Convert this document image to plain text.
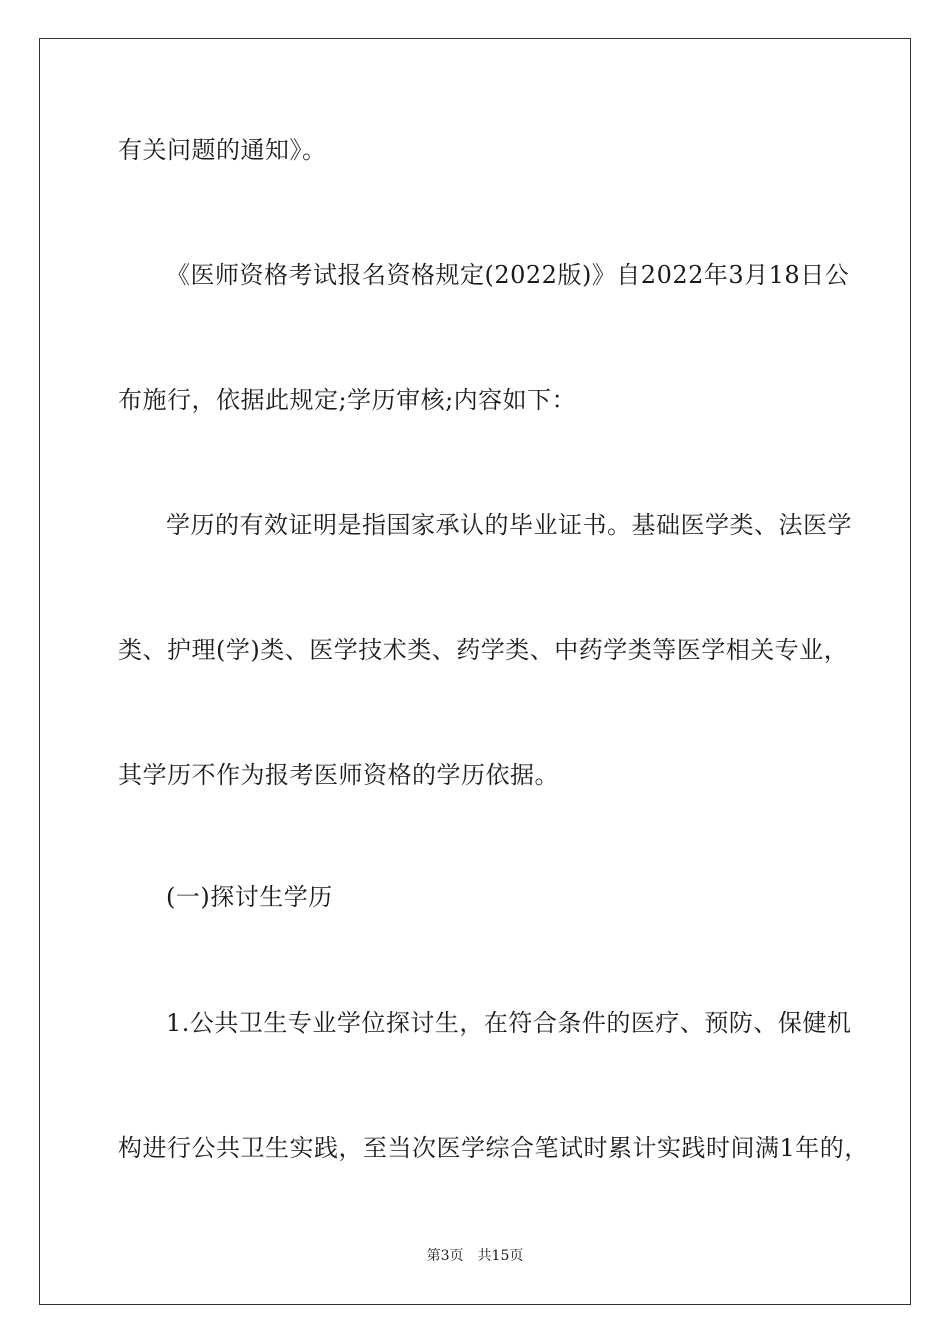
有关问题的通知》。
《医师资格考试报名资格规定(2022版)》自2022年3月18日公
布施行，依据此规定;学历审核;内容如下：
学历的有效证明是指国家承认的毕业证书。基础医学类、法医学
类、护理(学)类、医学技术类、药学类、中药学类等医学相关专业，
其学历不作为报考医师资格的学历依据。
(一)探讨生学历
1.公共卫生专业学位探讨生，在符合条件的医疗、预防、保健机
构进行公共卫生实践，至当次医学综合笔试时累计实践时间满1年的，
第3页 共15页
